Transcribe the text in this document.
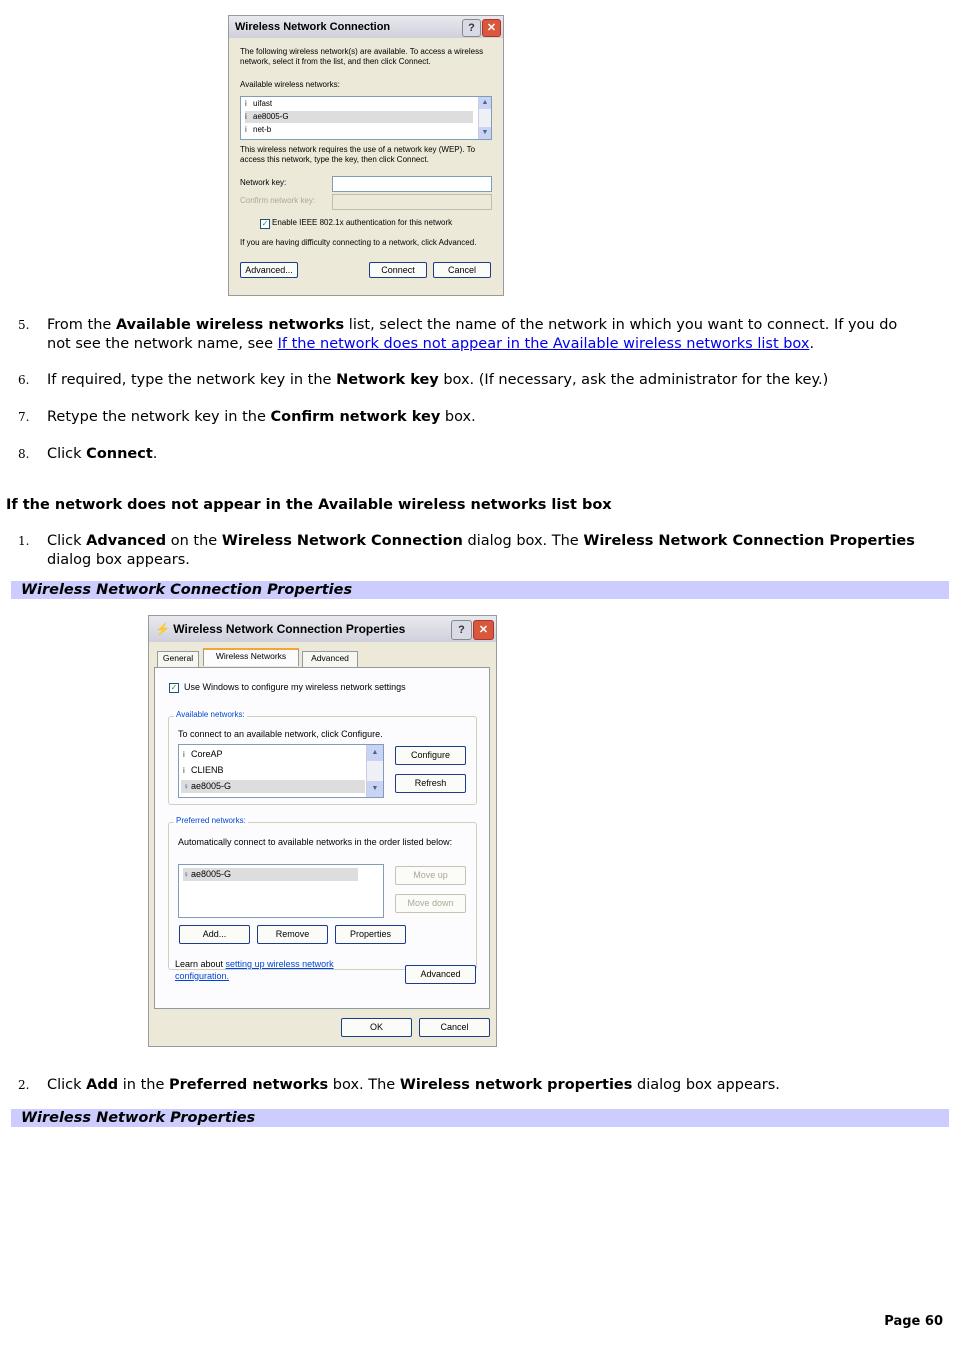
Wireless Network Connection	?	✕
The following wireless network(s) are available. To access a wireless network, select it from the list, and then click Connect.
Available wireless networks:
i uifast
i ae8005-G
i net-b
▲
▼
This wireless network requires the use of a network key (WEP). To access this network, type the key, then click Connect.
Network key:
Confirm network key:
✓ Enable IEEE 802.1x authentication for this network
If you are having difficulty connecting to a network, click Advanced.
Advanced...	Connect	Cancel
5. From the Available wireless networks list, select the name of the network in which you want to connect. If you do not see the network name, see If the network does not appear in the Available wireless networks list box.
6. If required, type the network key in the Network key box. (If necessary, ask the administrator for the key.)
7. Retype the network key in the Confirm network key box.
8. Click Connect.
If the network does not appear in the Available wireless networks list box
1. Click Advanced on the Wireless Network Connection dialog box. The Wireless Network Connection Properties dialog box appears.
Wireless Network Connection Properties
⚡ Wireless Network Connection Properties	?	✕
General	Wireless Networks	Advanced
✓ Use Windows to configure my wireless network settings
Available networks:
To connect to an available network, click Configure.
i CoreAP
i CLIENB
♀ ae8005-G
▲
▼
Configure
Refresh
Preferred networks:
Automatically connect to available networks in the order listed below:
♀ ae8005-G	Move up
Move down
Add...	Remove	Properties
Learn about setting up wireless network configuration.	Advanced
OK	Cancel
2. Click Add in the Preferred networks box. The Wireless network properties dialog box appears.
Wireless Network Properties
Page 60
